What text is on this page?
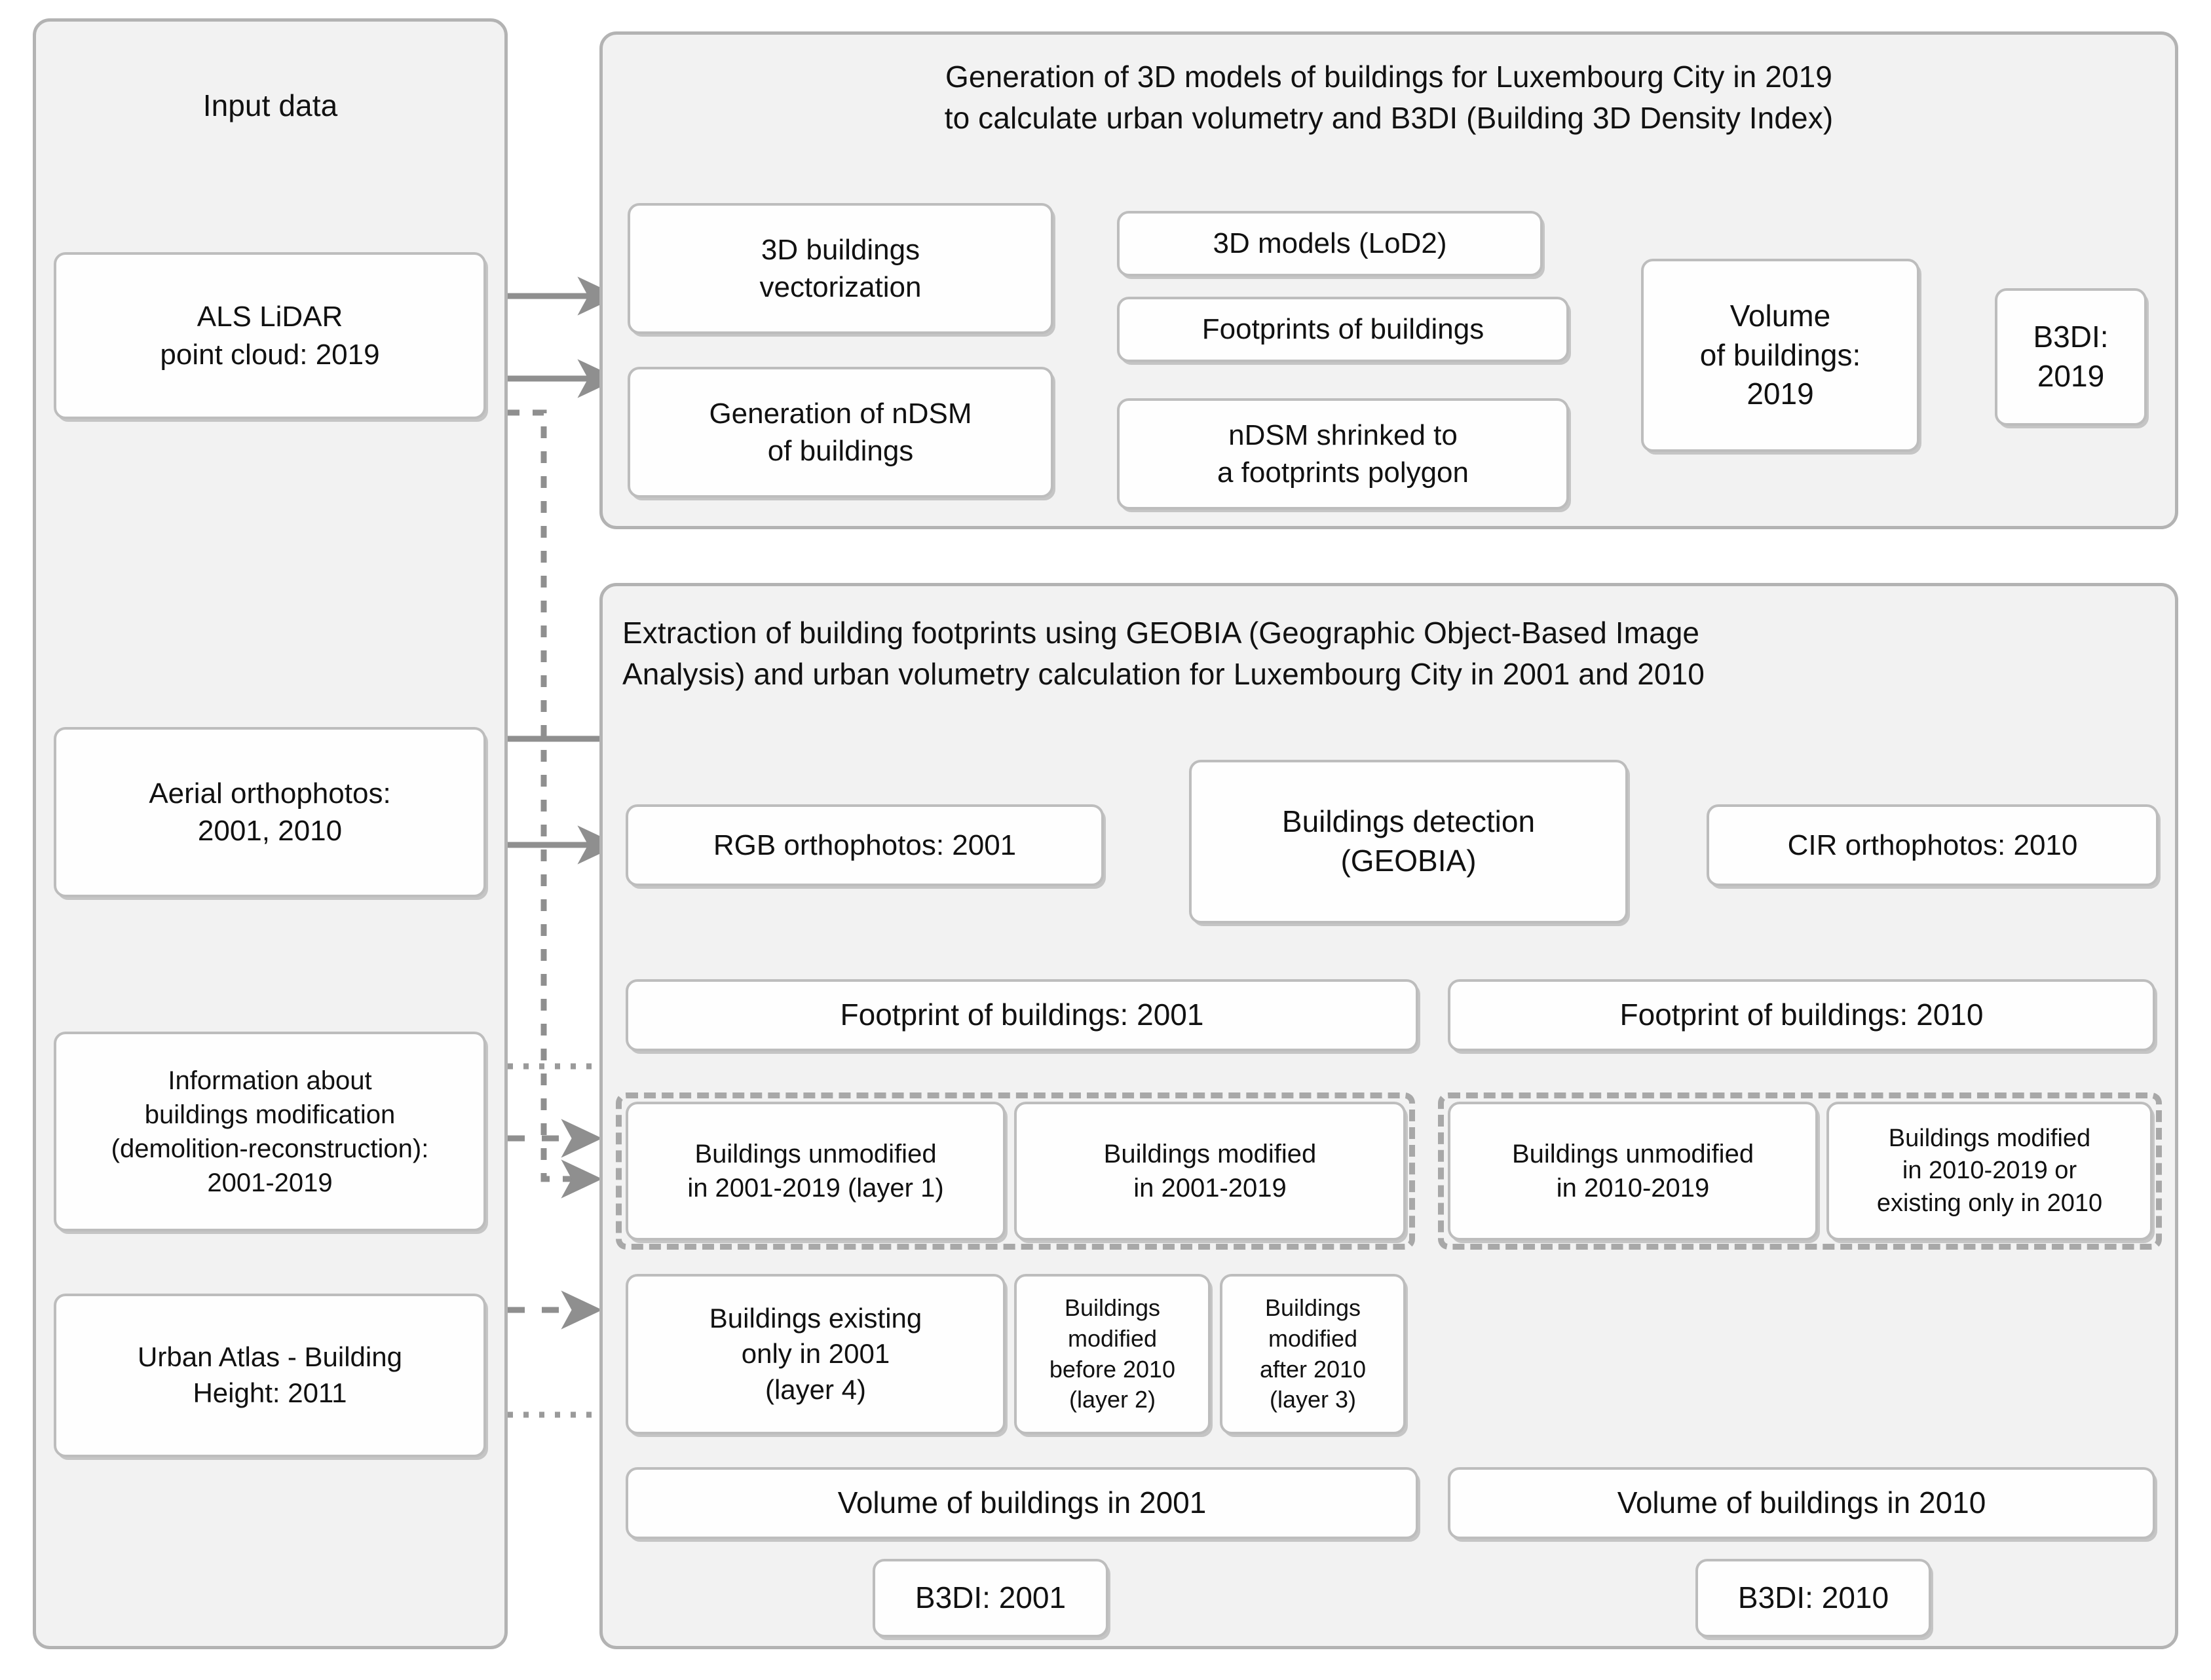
Input data
ALS LiDAR
point cloud: 2019
Aerial orthophotos:
2001, 2010
Information about
buildings modification
(demolition-reconstruction):
2001-2019
Urban Atlas - Building
Height: 2011
Generation of 3D models of buildings for Luxembourg City in 2019
to calculate urban volumetry and B3DI (Building 3D Density Index)
3D buildings
vectorization
Generation of nDSM
of buildings
3D models (LoD2)
Footprints of buildings
nDSM shrinked to
a footprints polygon
Volume
of buildings:
2019
B3DI:
2019
Extraction of building footprints using GEOBIA (Geographic Object-Based Image
Analysis) and urban volumetry calculation for Luxembourg City in 2001 and 2010
RGB orthophotos: 2001
Buildings detection
(GEOBIA)	CIR orthophotos: 2010
Footprint of buildings: 2001	Footprint of buildings: 2010
Buildings unmodified
in 2001-2019 (layer 1)
Buildings modified
in 2001-2019
Buildings unmodified
in 2010-2019
Buildings modified
in 2010-2019 or
existing only in 2010
Buildings existing
only in 2001
(layer 4)
Buildings
modified
before 2010
(layer 2)
Buildings
modified
after 2010
(layer 3)
Volume of buildings in 2001	Volume of buildings in 2010
B3DI: 2001	B3DI: 2010
